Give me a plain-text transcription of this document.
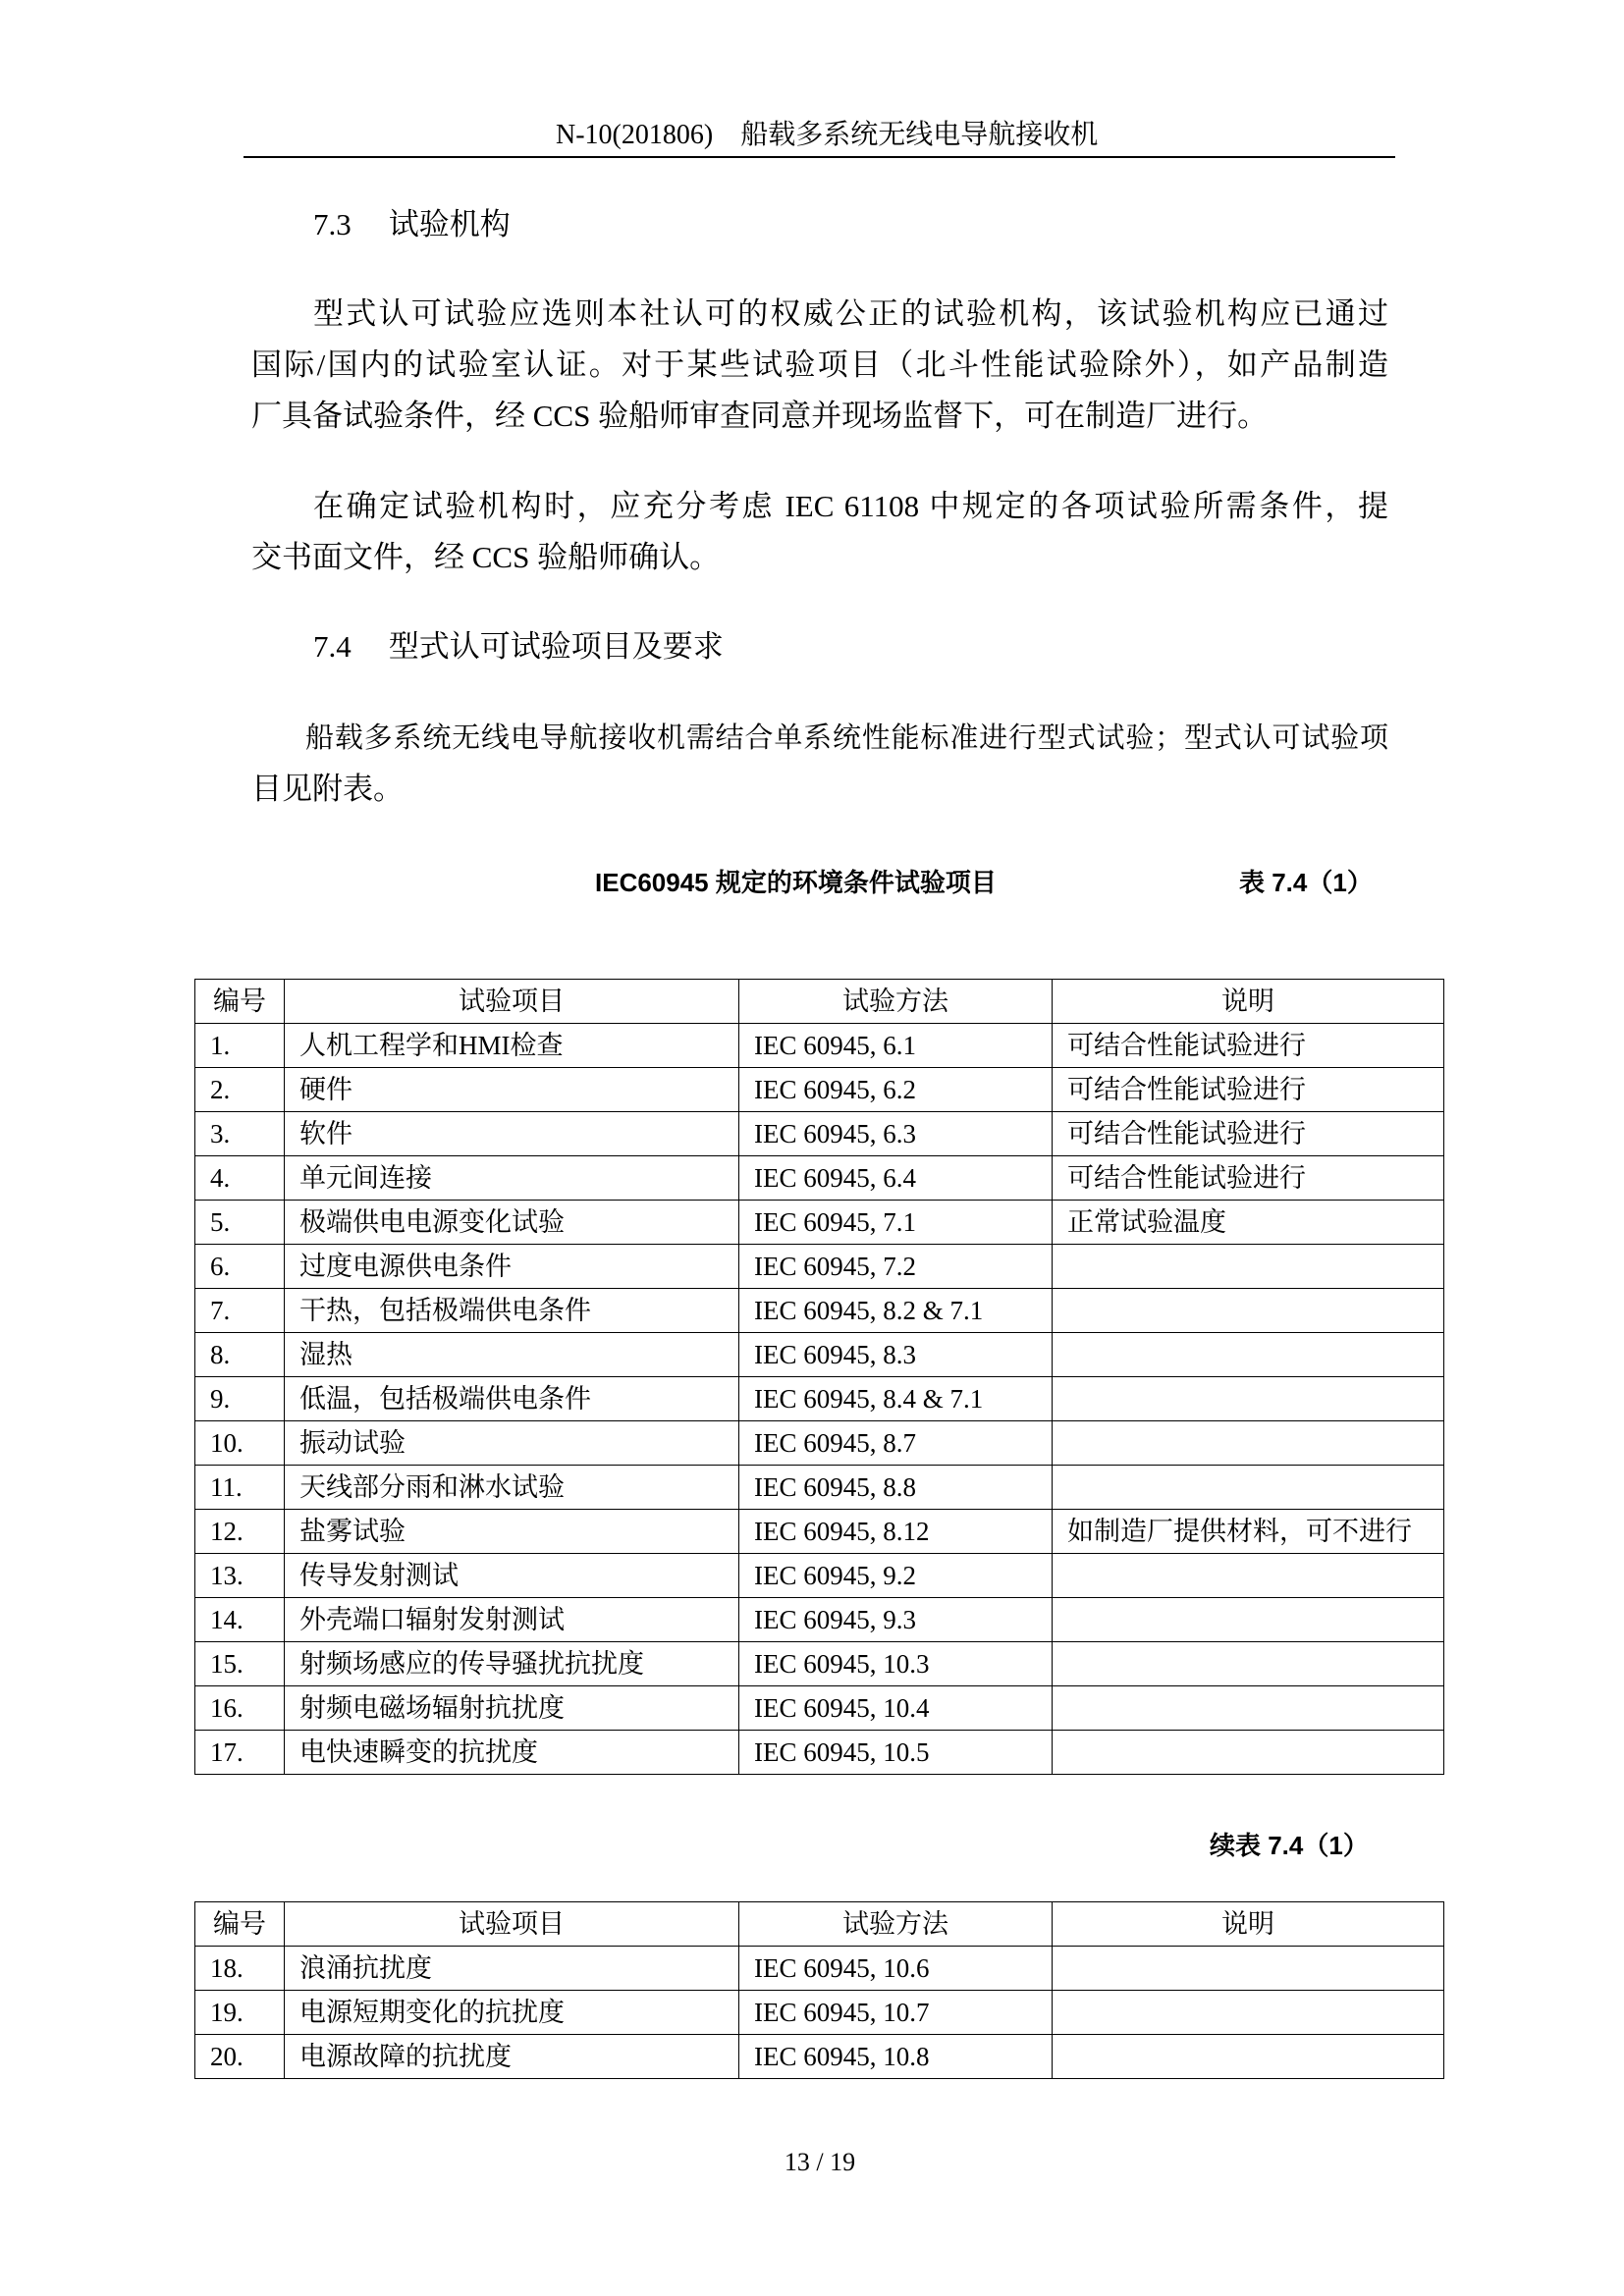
N-10(201806) 船载多系统无线电导航接收机
7.3 试验机构
型式认可试验应选则本社认可的权威公正的试验机构，该试验机构应已通过
国际/国内的试验室认证。对于某些试验项目（北斗性能试验除外），如产品制造
厂具备试验条件，经 CCS 验船师审查同意并现场监督下，可在制造厂进行。
在确定试验机构时，应充分考虑 IEC 61108 中规定的各项试验所需条件，提
交书面文件，经 CCS 验船师确认。
7.4 型式认可试验项目及要求
船载多系统无线电导航接收机需结合单系统性能标准进行型式试验；型式认可试验项
目见附表。
IEC60945 规定的环境条件试验项目	表 7.4（1）
编号	试验项目	试验方法	说明
1.	人机工程学和HMI检查	IEC 60945, 6.1	可结合性能试验进行
2.	硬件	IEC 60945, 6.2	可结合性能试验进行
3.	软件	IEC 60945, 6.3	可结合性能试验进行
4.	单元间连接	IEC 60945, 6.4	可结合性能试验进行
5.	极端供电电源变化试验	IEC 60945, 7.1	正常试验温度
6.	过度电源供电条件	IEC 60945, 7.2	
7.	干热，包括极端供电条件	IEC 60945, 8.2 & 7.1	
8.	湿热	IEC 60945, 8.3	
9.	低温，包括极端供电条件	IEC 60945, 8.4 & 7.1	
10.	振动试验	IEC 60945, 8.7	
11.	天线部分雨和淋水试验	IEC 60945, 8.8	
12.	盐雾试验	IEC 60945, 8.12	如制造厂提供材料，可不进行
13.	传导发射测试	IEC 60945, 9.2	
14.	外壳端口辐射发射测试	IEC 60945, 9.3	
15.	射频场感应的传导骚扰抗扰度	IEC 60945, 10.3	
16.	射频电磁场辐射抗扰度	IEC 60945, 10.4	
17.	电快速瞬变的抗扰度	IEC 60945, 10.5	
续表 7.4（1）
编号	试验项目	试验方法	说明
18.	浪涌抗扰度	IEC 60945, 10.6	
19.	电源短期变化的抗扰度	IEC 60945, 10.7	
20.	电源故障的抗扰度	IEC 60945, 10.8	
13 / 19
